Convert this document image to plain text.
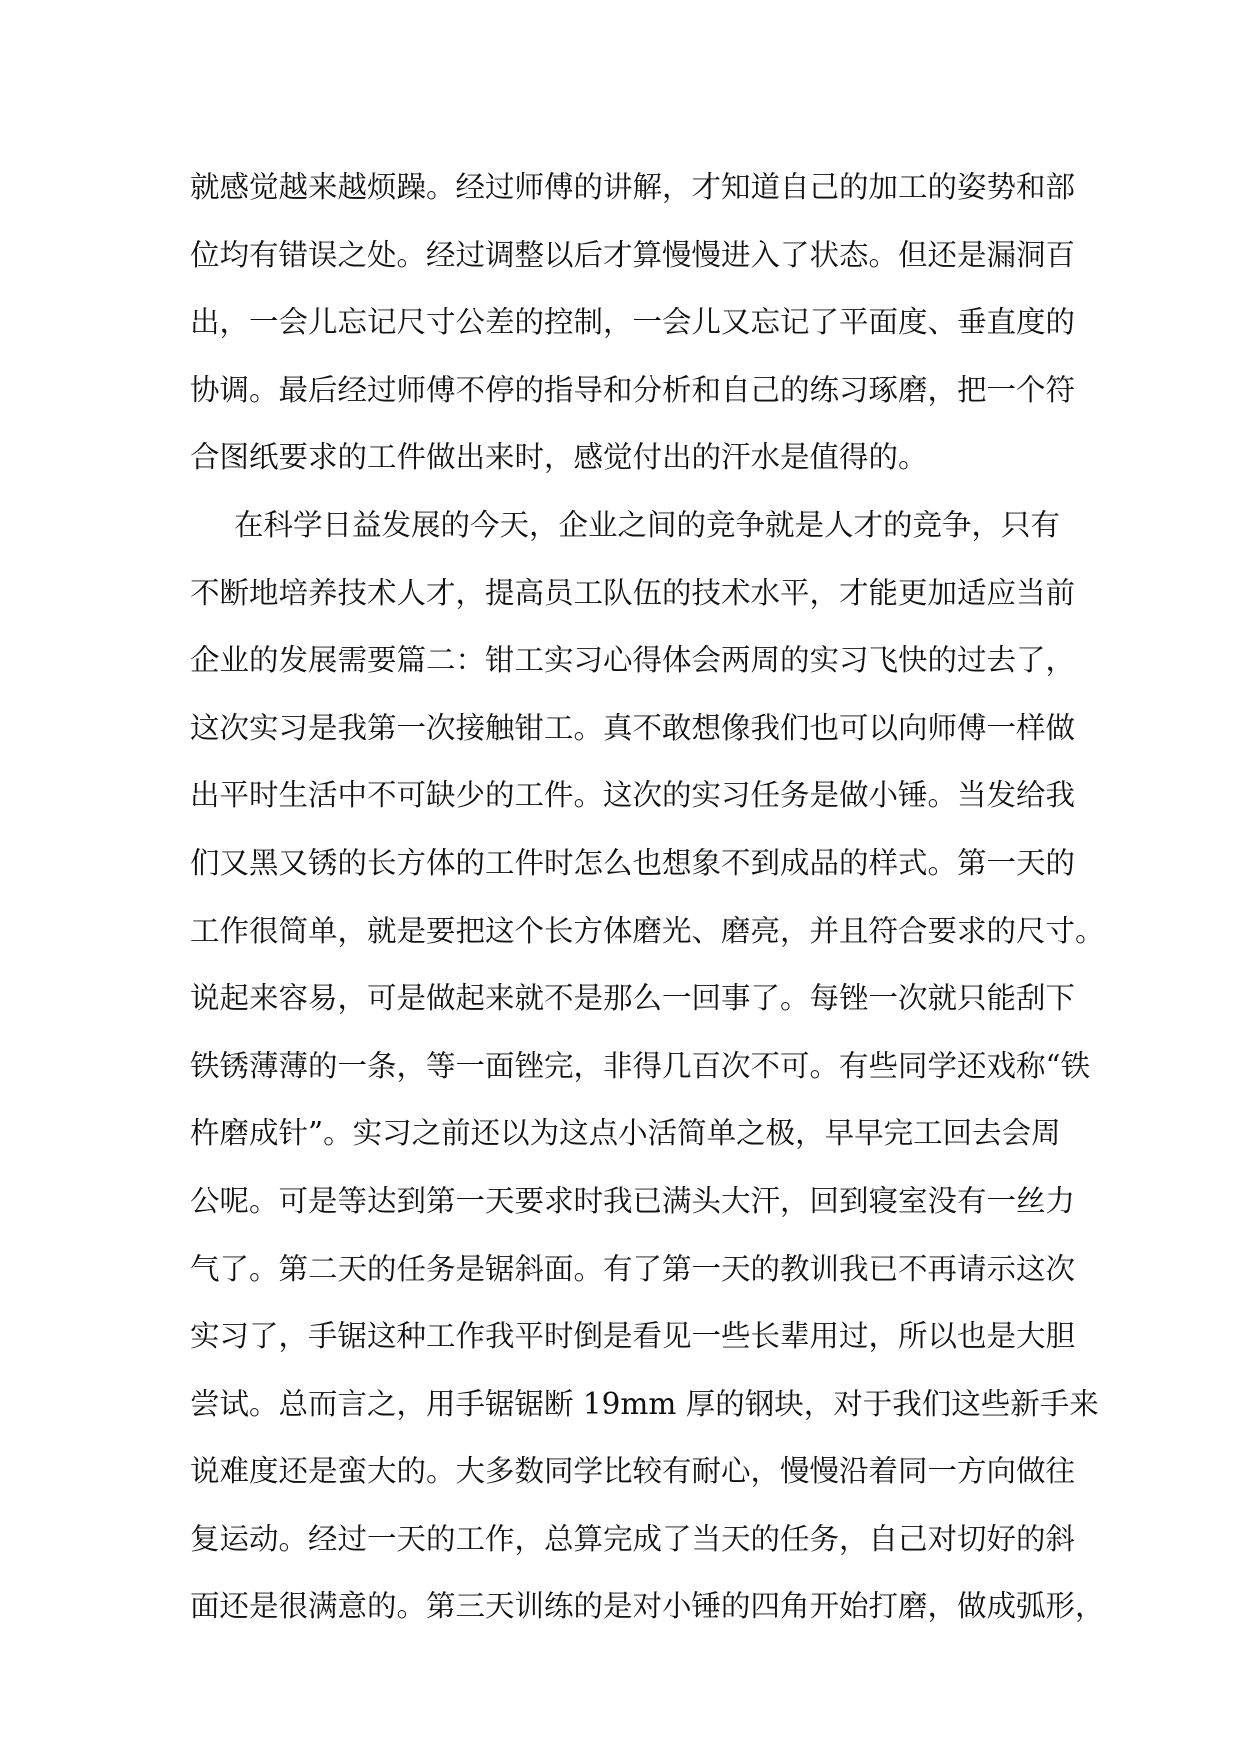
就感觉越来越烦躁。经过师傅的讲解，才知道自己的加工的姿势和部
位均有错误之处。经过调整以后才算慢慢进入了状态。但还是漏洞百
出，一会儿忘记尺寸公差的控制，一会儿又忘记了平面度、垂直度的
协调。最后经过师傅不停的指导和分析和自己的练习琢磨，把一个符
合图纸要求的工件做出来时，感觉付出的汗水是值得的。
在科学日益发展的今天，企业之间的竞争就是人才的竞争，只有
不断地培养技术人才，提高员工队伍的技术水平，才能更加适应当前
企业的发展需要篇二：钳工实习心得体会两周的实习飞快的过去了，
这次实习是我第一次接触钳工。真不敢想像我们也可以向师傅一样做
出平时生活中不可缺少的工件。这次的实习任务是做小锤。当发给我
们又黑又锈的长方体的工件时怎么也想象不到成品的样式。第一天的
工作很简单，就是要把这个长方体磨光、磨亮，并且符合要求的尺寸。
说起来容易，可是做起来就不是那么一回事了。每锉一次就只能刮下
铁锈薄薄的一条，等一面锉完，非得几百次不可。有些同学还戏称“铁
杵磨成针”。实习之前还以为这点小活简单之极，早早完工回去会周
公呢。可是等达到第一天要求时我已满头大汗，回到寝室没有一丝力
气了。第二天的任务是锯斜面。有了第一天的教训我已不再请示这次
实习了，手锯这种工作我平时倒是看见一些长辈用过，所以也是大胆
尝试。总而言之，用手锯锯断 19mm 厚的钢块，对于我们这些新手来
说难度还是蛮大的。大多数同学比较有耐心，慢慢沿着同一方向做往
复运动。经过一天的工作，总算完成了当天的任务，自己对切好的斜
面还是很满意的。第三天训练的是对小锤的四角开始打磨，做成弧形，
